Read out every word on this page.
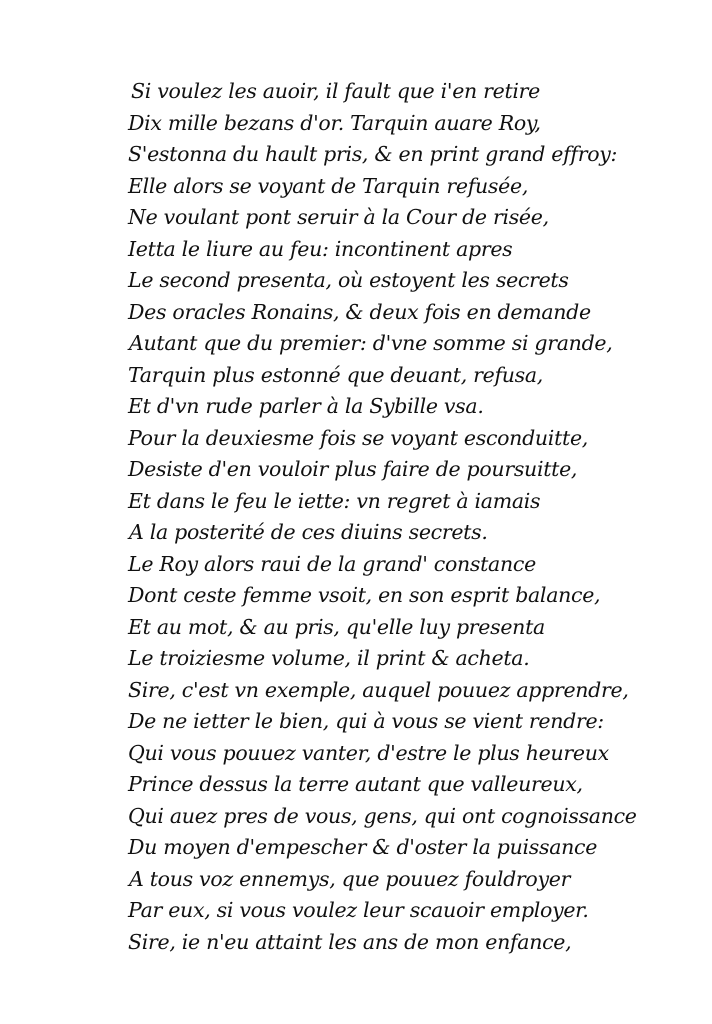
Si voulez les auoir, il fault que i'en retire
Dix mille bezans d'or. Tarquin auare Roy,
S'estonna du hault pris, & en print grand effroy:
Elle alors se voyant de Tarquin refusée,
Ne voulant pont seruir à la Cour de risée,
Ietta le liure au feu: incontinent apres
Le second presenta, où estoyent les secrets
Des oracles Ronains, & deux fois en demande
Autant que du premier: d'vne somme si grande,
Tarquin plus estonné que deuant, refusa,
Et d'vn rude parler à la Sybille vsa.
Pour la deuxiesme fois se voyant esconduitte,
Desiste d'en vouloir plus faire de poursuitte,
Et dans le feu le iette: vn regret à iamais
A la posterité de ces diuins secrets.
Le Roy alors raui de la grand' constance
Dont ceste femme vsoit, en son esprit balance,
Et au mot, & au pris, qu'elle luy presenta
Le troiziesme volume, il print & acheta.
Sire, c'est vn exemple, auquel pouuez apprendre,
De ne ietter le bien, qui à vous se vient rendre:
Qui vous pouuez vanter, d'estre le plus heureux
Prince dessus la terre autant que valleureux,
Qui auez pres de vous, gens, qui ont cognoissance
Du moyen d'empescher & d'oster la puissance
A tous voz ennemys, que pouuez fouldroyer
Par eux, si vous voulez leur scauoir employer.
Sire, ie n'eu attaint les ans de mon enfance,
